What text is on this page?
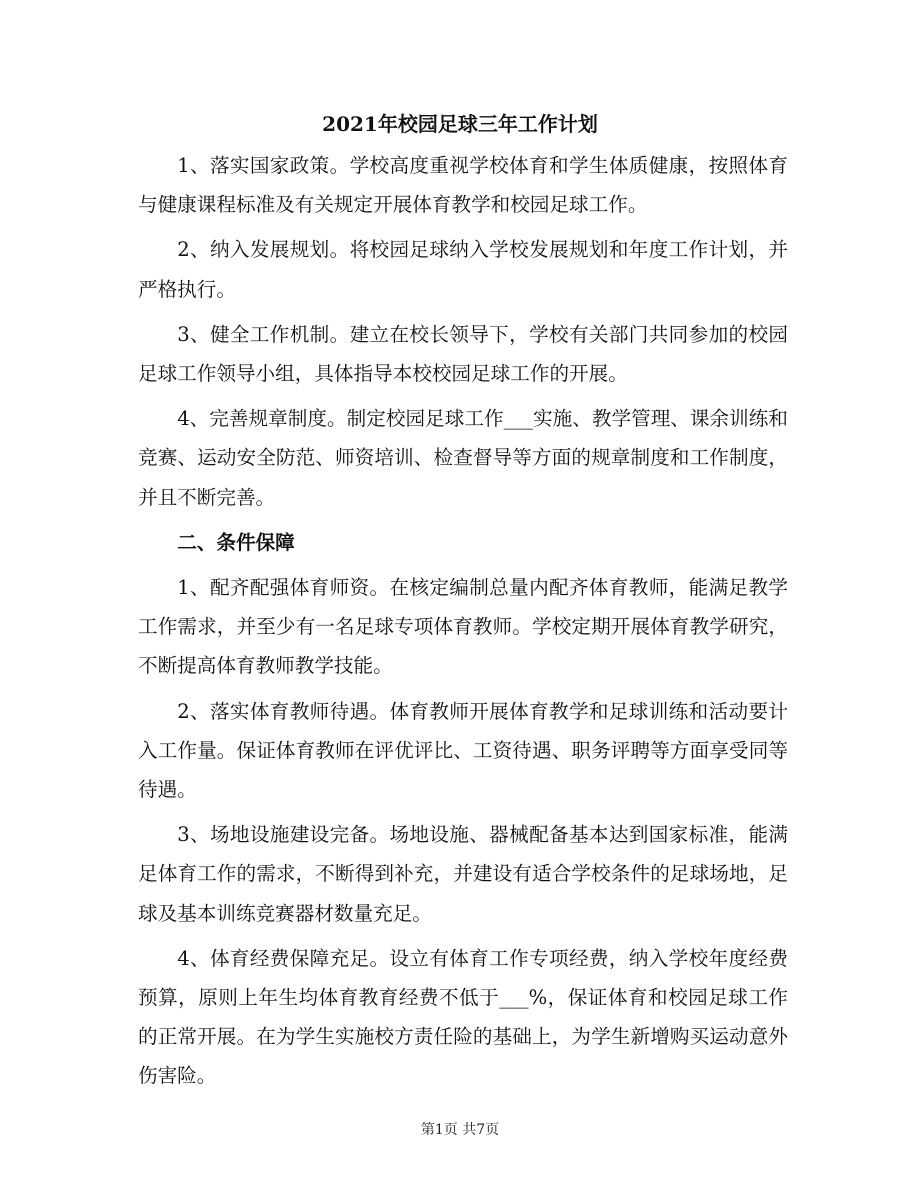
2021年校园足球三年工作计划

1、落实国家政策。学校高度重视学校体育和学生体质健康，按照体育与健康课程标准及有关规定开展体育教学和校园足球工作。

2、纳入发展规划。将校园足球纳入学校发展规划和年度工作计划，并严格执行。

3、健全工作机制。建立在校长领导下，学校有关部门共同参加的校园足球工作领导小组，具体指导本校校园足球工作的开展。

4、完善规章制度。制定校园足球工作___实施、教学管理、课余训练和竞赛、运动安全防范、师资培训、检查督导等方面的规章制度和工作制度，并且不断完善。

二、条件保障

1、配齐配强体育师资。在核定编制总量内配齐体育教师，能满足教学工作需求，并至少有一名足球专项体育教师。学校定期开展体育教学研究，不断提高体育教师教学技能。

2、落实体育教师待遇。体育教师开展体育教学和足球训练和活动要计入工作量。保证体育教师在评优评比、工资待遇、职务评聘等方面享受同等待遇。

3、场地设施建设完备。场地设施、器械配备基本达到国家标准，能满足体育工作的需求，不断得到补充，并建设有适合学校条件的足球场地，足球及基本训练竞赛器材数量充足。

4、体育经费保障充足。设立有体育工作专项经费，纳入学校年度经费预算，原则上年生均体育教育经费不低于___%，保证体育和校园足球工作的正常开展。在为学生实施校方责任险的基础上，为学生新增购买运动意外伤害险。

第1页 共7页
